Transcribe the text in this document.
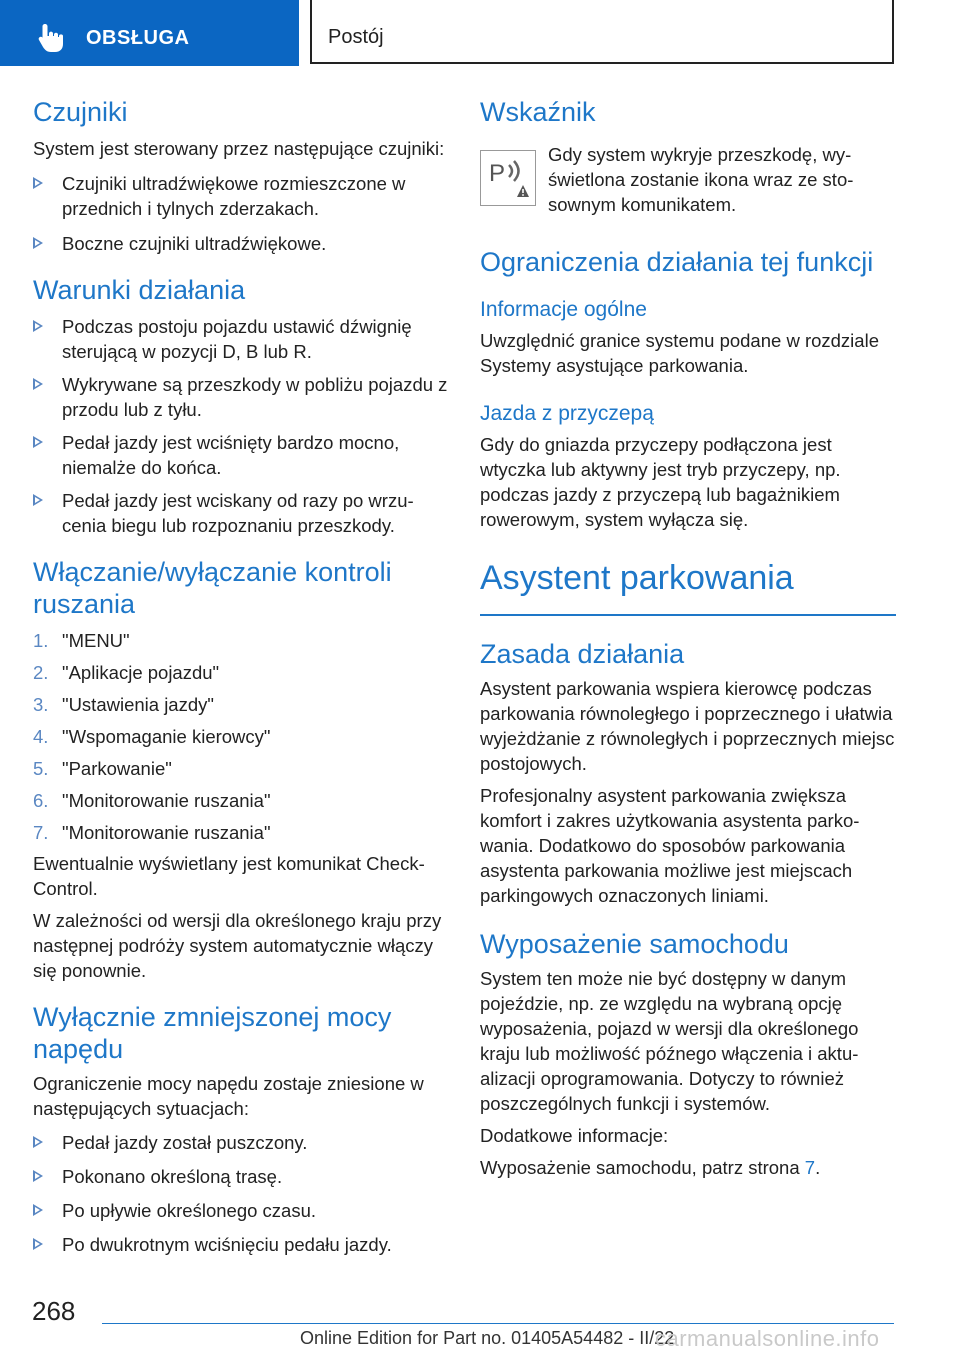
OBSŁUGA	Postój
Czujniki

System jest sterowany przez następujące czujniki:

Czujniki ultradźwiękowe rozmieszczone w przednich i tylnych zderzakach.
Boczne czujniki ultradźwiękowe.
Warunki działania
Podczas postoju pojazdu ustawić dźwignię sterującą w pozycji D, B lub R.
Wykrywane są przeszkody w pobliżu pojazdu z przodu lub z tyłu.
Pedał jazdy jest wciśnięty bardzo mocno, niemalże do końca.
Pedał jazdy jest wciskany od razy po wrzucenia biegu lub rozpoznaniu przeszkody.
Włączanie/wyłączanie kontroli ruszania
1. "MENU"
2. "Aplikacje pojazdu"
3. "Ustawienia jazdy"
4. "Wspomaganie kierowcy"
5. "Parkowanie"
6. "Monitorowanie ruszania"
7. "Monitorowanie ruszania"

Ewentualnie wyświetlany jest komunikat Check-Control.

W zależności od wersji dla określonego kraju przy następnej podróży system automatycznie włączy się ponownie.

Wyłącznie zmniejszonej mocy napędu

Ograniczenie mocy napędu zostaje zniesione w następujących sytuacjach:

Pedał jazdy został puszczony.
Pokonano określoną trasę.
Po upływie określonego czasu.
Po dwukrotnym wciśnięciu pedału jazdy.
Wskaźnik
P

Gdy system wykryje przeszkodę, wyświetlona zostanie ikona wraz ze stosownym komunikatem.

Ograniczenia działania tej funkcji
Informacje ogólne

Uwzględnić granice systemu podane w rozdziale Systemy asystujące parkowania.

Jazda z przyczepą

Gdy do gniazda przyczepy podłączona jest wtyczka lub aktywny jest tryb przyczepy, np. podczas jazdy z przyczepą lub bagażnikiem rowerowym, system wyłącza się.

Asystent parkowania
Zasada działania

Asystent parkowania wspiera kierowcę podczas parkowania równoległego i poprzecznego i ułatwia wyjeżdżanie z równoległych i poprzecznych miejsc postojowych.

Profesjonalny asystent parkowania zwiększa komfort i zakres użytkowania asystenta parkowania. Dodatkowo do sposobów parkowania asystenta parkowania możliwe jest miejscach parkingowych oznaczonych liniami.

Wyposażenie samochodu

System ten może nie być dostępny w danym pojeździe, np. ze względu na wybraną opcję wyposażenia, pojazd w wersji dla określonego kraju lub możliwość późnego włączenia i aktualizacji oprogramowania. Dotyczy to również poszczególnych funkcji i systemów.

Dodatkowe informacje:

Wyposażenie samochodu, patrz strona 7.

268
Online Edition for Part no. 01405A54482 - II/22
carmanualsonline.info
